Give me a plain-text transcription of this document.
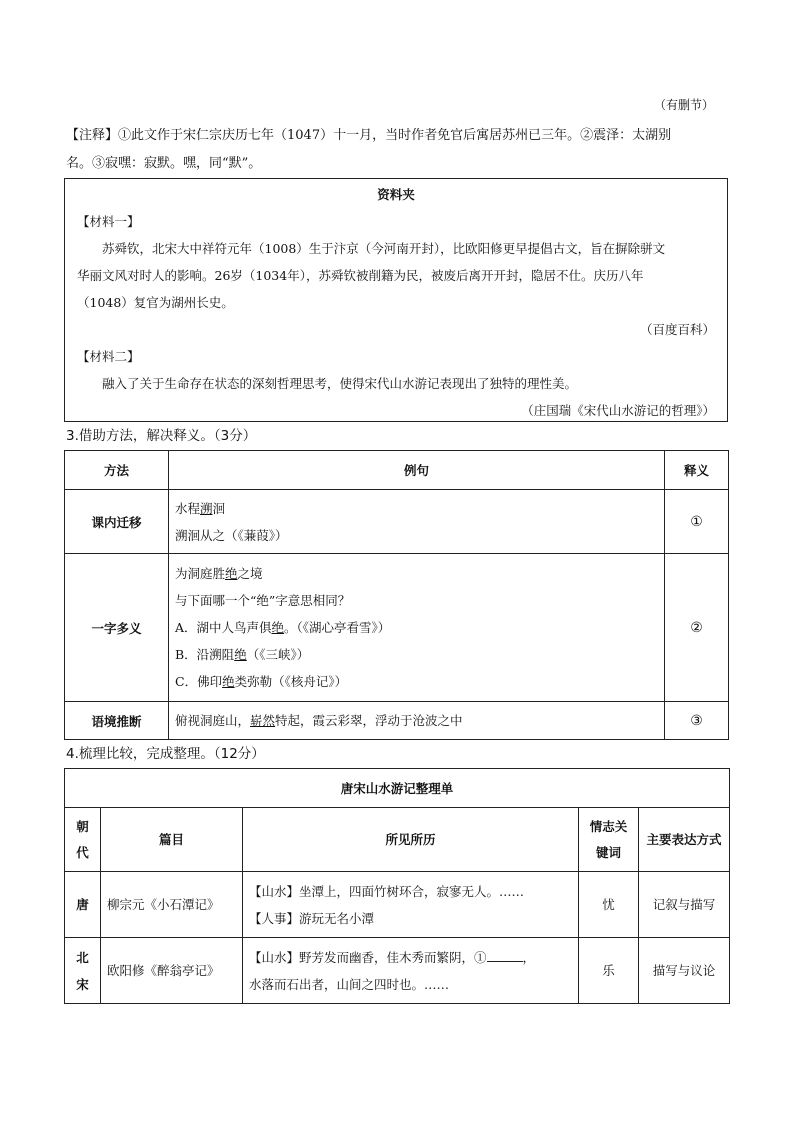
（有删节）
【注释】①此文作于宋仁宗庆历七年（1047）十一月，当时作者免官后寓居苏州已三年。②震泽：太湖别
名。③寂嘿：寂默。嘿，同“默”。
资料夹
【材料一】
苏舜钦，北宋大中祥符元年（1008）生于汴京（今河南开封），比欧阳修更早提倡古文，旨在摒除骈文
华丽文风对时人的影响。26岁（1034年），苏舜钦被削籍为民，被废后离开开封，隐居不仕。庆历八年
（1048）复官为湖州长史。
（百度百科）
【材料二】
融入了关于生命存在状态的深刻哲理思考，使得宋代山水游记表现出了独特的理性美。
（庄国瑞《宋代山水游记的哲理》）
3.借助方法，解决释义。（3分）
方法	例句	释义
课内迁移	水程溯洄
溯洄从之（《蒹葭》）	①
一字多义	为洞庭胜绝之境
与下面哪一个“绝”字意思相同？
A．湖中人鸟声俱绝。（《湖心亭看雪》）
B．沿溯阻绝（《三峡》）
C．佛印绝类弥勒（《核舟记》）	②
语境推断	俯视洞庭山，崭然特起，霞云彩翠，浮动于沧波之中	③
4.梳理比较，完成整理。（12分）
唐宋山水游记整理单				
朝代	篇目	所见所历	情志关键词	主要表达方式
唐	柳宗元《小石潭记》	【山水】坐潭上，四面竹树环合，寂寥无人。……
【人事】游玩无名小潭	忧	记叙与描写
北宋	欧阳修《醉翁亭记》	【山水】野芳发而幽香，佳木秀而繁阴，① ，
水落而石出者，山间之四时也。……	乐	描写与议论
